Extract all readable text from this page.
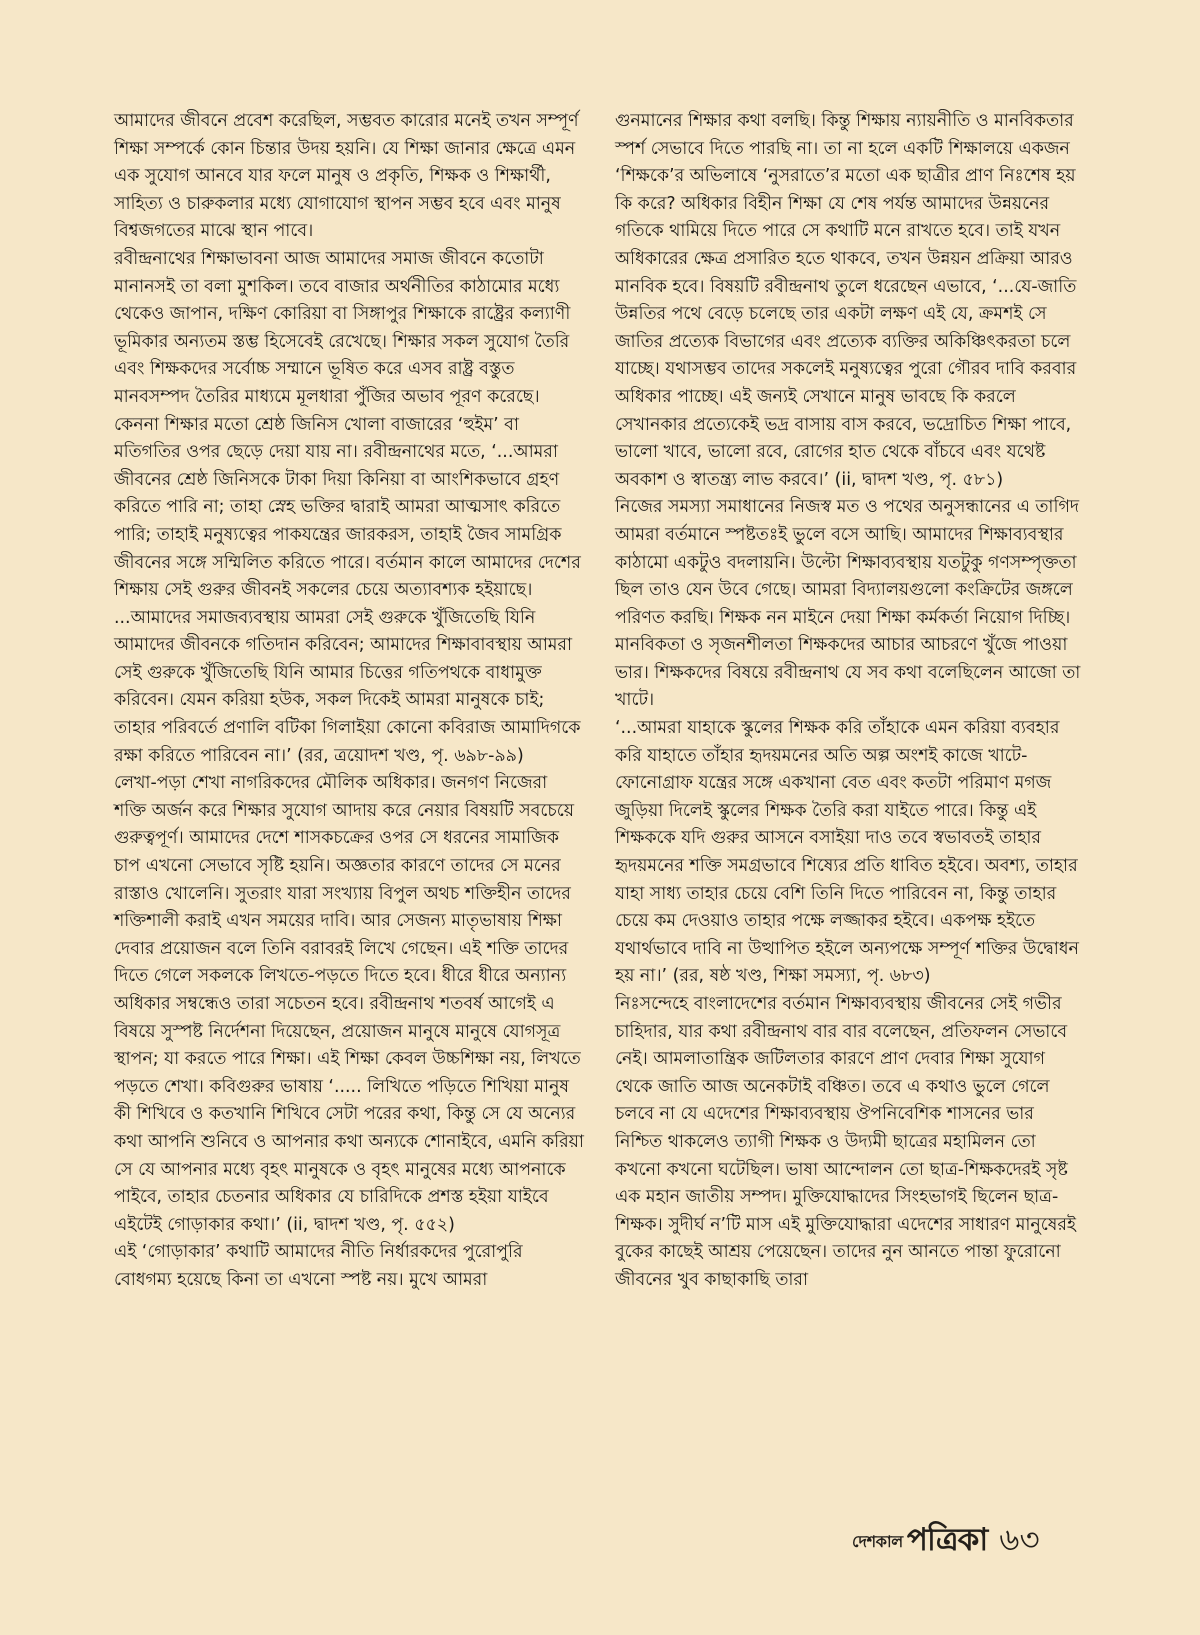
আমাদের জীবনে প্রবেশ করেছিল, সম্ভবত কারোর মনেই তখন সম্পূর্ণ শিক্ষা সম্পর্কে কোন চিন্তার উদয় হয়নি। যে শিক্ষা জানার ক্ষেত্রে এমন এক সুযোগ আনবে যার ফলে মানুষ ও প্রকৃতি, শিক্ষক ও শিক্ষার্থী, সাহিত্য ও চারুকলার মধ্যে যোগাযোগ স্থাপন সম্ভব হবে এবং মানুষ বিশ্বজগতের মাঝে স্থান পাবে।

রবীন্দ্রনাথের শিক্ষাভাবনা আজ আমাদের সমাজ জীবনে কতোটা মানানসই তা বলা মুশকিল। তবে বাজার অর্থনীতির কাঠামোর মধ্যে থেকেও জাপান, দক্ষিণ কোরিয়া বা সিঙ্গাপুর শিক্ষাকে রাষ্ট্রের কল্যাণী ভূমিকার অন্যতম স্তম্ভ হিসেবেই রেখেছে। শিক্ষার সকল সুযোগ তৈরি এবং শিক্ষকদের সর্বোচ্চ সম্মানে ভূষিত করে এসব রাষ্ট্র বস্তুত মানবসম্পদ তৈরির মাধ্যমে মূলধারা পুঁজির অভাব পূরণ করেছে। কেননা শিক্ষার মতো শ্রেষ্ঠ জিনিস খোলা বাজারের ‘হুইম’ বা মতিগতির ওপর ছেড়ে দেয়া যায় না। রবীন্দ্রনাথের মতে, ‘...আমরা জীবনের শ্রেষ্ঠ জিনিসকে টাকা দিয়া কিনিয়া বা আংশিকভাবে গ্রহণ করিতে পারি না; তাহা স্নেহ ভক্তির দ্বারাই আমরা আত্মসাৎ করিতে পারি; তাহাই মনুষ্যত্বের পাকযন্ত্রের জারকরস, তাহাই জৈব সামগ্রিক জীবনের সঙ্গে সম্মিলিত করিতে পারে। বর্তমান কালে আমাদের দেশের শিক্ষায় সেই গুরুর জীবনই সকলের চেয়ে অত্যাবশ্যক হইয়াছে। ...আমাদের সমাজব্যবস্থায় আমরা সেই গুরুকে খুঁজিতেছি যিনি আমাদের জীবনকে গতিদান করিবেন; আমাদের শিক্ষাবাবস্থায় আমরা সেই গুরুকে খুঁজিতেছি যিনি আমার চিত্তের গতিপথকে বাধামুক্ত করিবেন। যেমন করিয়া হউক, সকল দিকেই আমরা মানুষকে চাই; তাহার পরিবর্তে প্রণালি বটিকা গিলাইয়া কোনো কবিরাজ আমাদিগকে রক্ষা করিতে পারিবেন না।’ (রর, ত্রয়োদশ খণ্ড, পৃ. ৬৯৮-৯৯)

লেখা-পড়া শেখা নাগরিকদের মৌলিক অধিকার। জনগণ নিজেরা শক্তি অর্জন করে শিক্ষার সুযোগ আদায় করে নেয়ার বিষয়টি সবচেয়ে গুরুত্বপূর্ণ। আমাদের দেশে শাসকচক্রের ওপর সে ধরনের সামাজিক চাপ এখনো সেভাবে সৃষ্টি হয়নি। অজ্ঞতার কারণে তাদের সে মনের রাস্তাও খোলেনি। সুতরাং যারা সংখ্যায় বিপুল অথচ শক্তিহীন তাদের শক্তিশালী করাই এখন সময়ের দাবি। আর সেজন্য মাতৃভাষায় শিক্ষা দেবার প্রয়োজন বলে তিনি বরাবরই লিখে গেছেন। এই শক্তি তাদের দিতে গেলে সকলকে লিখতে-পড়তে দিতে হবে। ধীরে ধীরে অন্যান্য অধিকার সম্বন্ধেও তারা সচেতন হবে। রবীন্দ্রনাথ শতবর্ষ আগেই এ বিষয়ে সুস্পষ্ট নির্দেশনা দিয়েছেন, প্রয়োজন মানুষে মানুষে যোগসূত্র স্থাপন; যা করতে পারে শিক্ষা। এই শিক্ষা কেবল উচ্চশিক্ষা নয়, লিখতে পড়তে শেখা। কবিগুরুর ভাষায় ‘..... লিখিতে পড়িতে শিখিয়া মানুষ কী শিখিবে ও কতখানি শিখিবে সেটা পরের কথা, কিন্তু সে যে অন্যের কথা আপনি শুনিবে ও আপনার কথা অন্যকে শোনাইবে, এমনি করিয়া সে যে আপনার মধ্যে বৃহৎ মানুষকে ও বৃহৎ মানুষের মধ্যে আপনাকে পাইবে, তাহার চেতনার অধিকার যে চারিদিকে প্রশস্ত হইয়া যাইবে এইটেই গোড়াকার কথা।’ (ii, দ্বাদশ খণ্ড, পৃ. ৫৫২)

এই ‘গোড়াকার’ কথাটি আমাদের নীতি নির্ধারকদের পুরোপুরি বোধগম্য হয়েছে কিনা তা এখনো স্পষ্ট নয়। মুখে আমরা

গুনমানের শিক্ষার কথা বলছি। কিন্তু শিক্ষায় ন্যায়নীতি ও মানবিকতার স্পর্শ সেভাবে দিতে পারছি না। তা না হলে একটি শিক্ষালয়ে একজন ‘শিক্ষকে’র অভিলাষে ‘নুসরাতে’র মতো এক ছাত্রীর প্রাণ নিঃশেষ হয় কি করে? অধিকার বিহীন শিক্ষা যে শেষ পর্যন্ত আমাদের উন্নয়নের গতিকে থামিয়ে দিতে পারে সে কথাটি মনে রাখতে হবে। তাই যখন অধিকারের ক্ষেত্র প্রসারিত হতে থাকবে, তখন উন্নয়ন প্রক্রিয়া আরও মানবিক হবে। বিষয়টি রবীন্দ্রনাথ তুলে ধরেছেন এভাবে, ‘...যে-জাতি উন্নতির পথে বেড়ে চলেছে তার একটা লক্ষণ এই যে, ক্রমশই সে জাতির প্রত্যেক বিভাগের এবং প্রত্যেক ব্যক্তির অকিঞ্চিৎকরতা চলে যাচ্ছে। যথাসম্ভব তাদের সকলেই মনুষ্যত্বের পুরো গৌরব দাবি করবার অধিকার পাচ্ছে। এই জন্যই সেখানে মানুষ ভাবছে কি করলে সেখানকার প্রত্যেকেই ভদ্র বাসায় বাস করবে, ভদ্রোচিত শিক্ষা পাবে, ভালো খাবে, ভালো রবে, রোগের হাত থেকে বাঁচবে এবং যথেষ্ট অবকাশ ও স্বাতন্ত্র্য লাভ করবে।’ (ii, দ্বাদশ খণ্ড, পৃ. ৫৮১)

নিজের সমস্যা সমাধানের নিজস্ব মত ও পথের অনুসন্ধানের এ তাগিদ আমরা বর্তমানে স্পষ্টতঃই ভুলে বসে আছি। আমাদের শিক্ষাব্যবস্থার কাঠামো একটুও বদলায়নি। উল্টো শিক্ষাব্যবস্থায় যতটুকু গণসম্পৃক্ততা ছিল তাও যেন উবে গেছে। আমরা বিদ্যালয়গুলো কংক্রিটের জঙ্গলে পরিণত করছি। শিক্ষক নন মাইনে দেয়া শিক্ষা কর্মকর্তা নিয়োগ দিচ্ছি। মানবিকতা ও সৃজনশীলতা শিক্ষকদের আচার আচরণে খুঁজে পাওয়া ভার। শিক্ষকদের বিষয়ে রবীন্দ্রনাথ যে সব কথা বলেছিলেন আজো তা খাটে।

‘...আমরা যাহাকে স্কুলের শিক্ষক করি তাঁহাকে এমন করিয়া ব্যবহার করি যাহাতে তাঁহার হৃদয়মনের অতি অল্প অংশই কাজে খাটে-ফোনোগ্রাফ যন্ত্রের সঙ্গে একখানা বেত এবং কতটা পরিমাণ মগজ জুড়িয়া দিলেই স্কুলের শিক্ষক তৈরি করা যাইতে পারে। কিন্তু এই শিক্ষককে যদি গুরুর আসনে বসাইয়া দাও তবে স্বভাবতই তাহার হৃদয়মনের শক্তি সমগ্রভাবে শিষ্যের প্রতি ধাবিত হইবে। অবশ্য, তাহার যাহা সাধ্য তাহার চেয়ে বেশি তিনি দিতে পারিবেন না, কিন্তু তাহার চেয়ে কম দেওয়াও তাহার পক্ষে লজ্জাকর হইবে। একপক্ষ হইতে যথার্থভাবে দাবি না উত্থাপিত হইলে অন্যপক্ষে সম্পূর্ণ শক্তির উদ্বোধন হয় না।’ (রর, ষষ্ঠ খণ্ড, শিক্ষা সমস্যা, পৃ. ৬৮৩)

নিঃসন্দেহে বাংলাদেশের বর্তমান শিক্ষাব্যবস্থায় জীবনের সেই গভীর চাহিদার, যার কথা রবীন্দ্রনাথ বার বার বলেছেন, প্রতিফলন সেভাবে নেই। আমলাতান্ত্রিক জটিলতার কারণে প্রাণ দেবার শিক্ষা সুযোগ থেকে জাতি আজ অনেকটাই বঞ্চিত। তবে এ কথাও ভুলে গেলে চলবে না যে এদেশের শিক্ষাব্যবস্থায় ঔপনিবেশিক শাসনের ভার নিশ্চিত থাকলেও ত্যাগী শিক্ষক ও উদ্যমী ছাত্রের মহামিলন তো কখনো কখনো ঘটেছিল। ভাষা আন্দোলন তো ছাত্র-শিক্ষকদেরই সৃষ্ট এক মহান জাতীয় সম্পদ। মুক্তিযোদ্ধাদের সিংহভাগই ছিলেন ছাত্র-শিক্ষক। সুদীর্ঘ ন’টি মাস এই মুক্তিযোদ্ধারা এদেশের সাধারণ মানুষেরই বুকের কাছেই আশ্রয় পেয়েছেন। তাদের নুন আনতে পান্তা ফুরোনো জীবনের খুব কাছাকাছি তারা

দেশকাল পত্রিকা ৬৩
